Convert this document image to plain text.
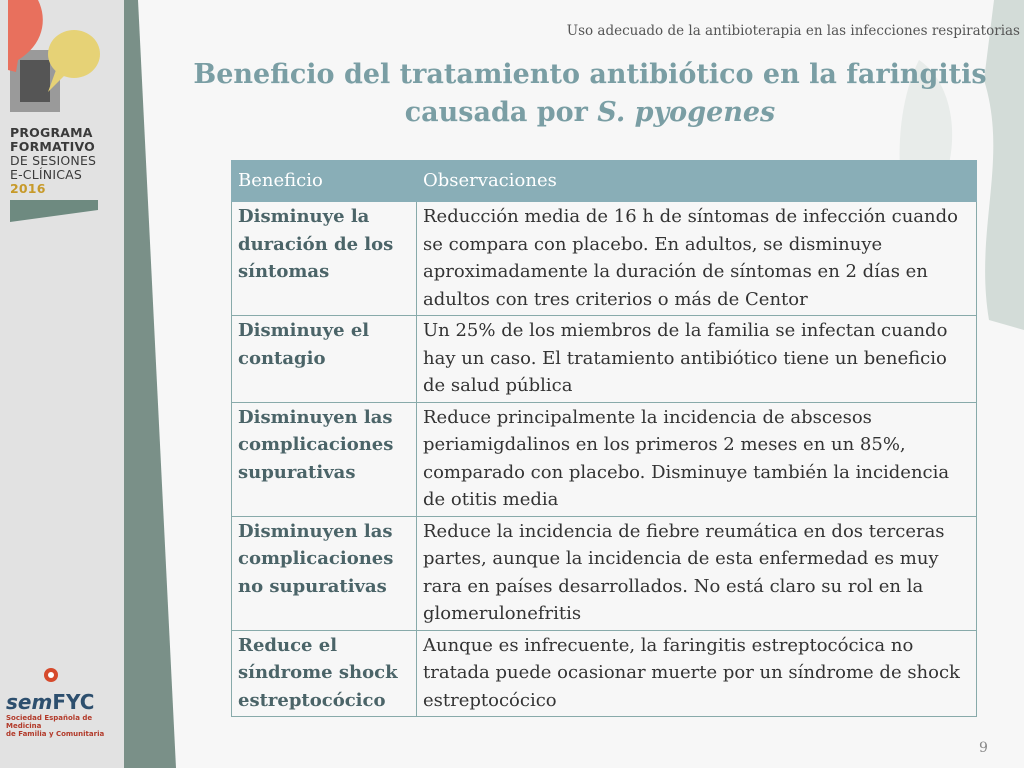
PROGRAMA
FORMATIVO
DE SESIONES
E-CLÍNICAS
2016
semFYC
Sociedad Española de Medicina
de Familia y Comunitaria
Uso adecuado de la antibioterapia en las infecciones respiratorias
Beneficio del tratamiento antibiótico en la faringitis
causada por S. pyogenes
Beneficio	Observaciones
Disminuye la duración de los síntomas	Reducción media de 16 h de síntomas de infección cuando se compara con placebo. En adultos, se disminuye aproximadamente la duración de síntomas en 2 días en adultos con tres criterios o más de Centor
Disminuye el contagio	Un 25% de los miembros de la familia se infectan cuando hay un caso. El tratamiento antibiótico tiene un beneficio de salud pública
Disminuyen las complicaciones supurativas	Reduce principalmente la incidencia de abscesos periamigdalinos en los primeros 2 meses en un 85%, comparado con placebo. Disminuye también la incidencia de otitis media
Disminuyen las complicaciones no supurativas	Reduce la incidencia de fiebre reumática en dos terceras partes, aunque la incidencia de esta enfermedad es muy rara en países desarrollados. No está claro su rol en la glomerulonefritis
Reduce el síndrome shock estreptocócico	Aunque es infrecuente, la faringitis estreptocócica no tratada puede ocasionar muerte por un síndrome de shock estreptocócico
9
